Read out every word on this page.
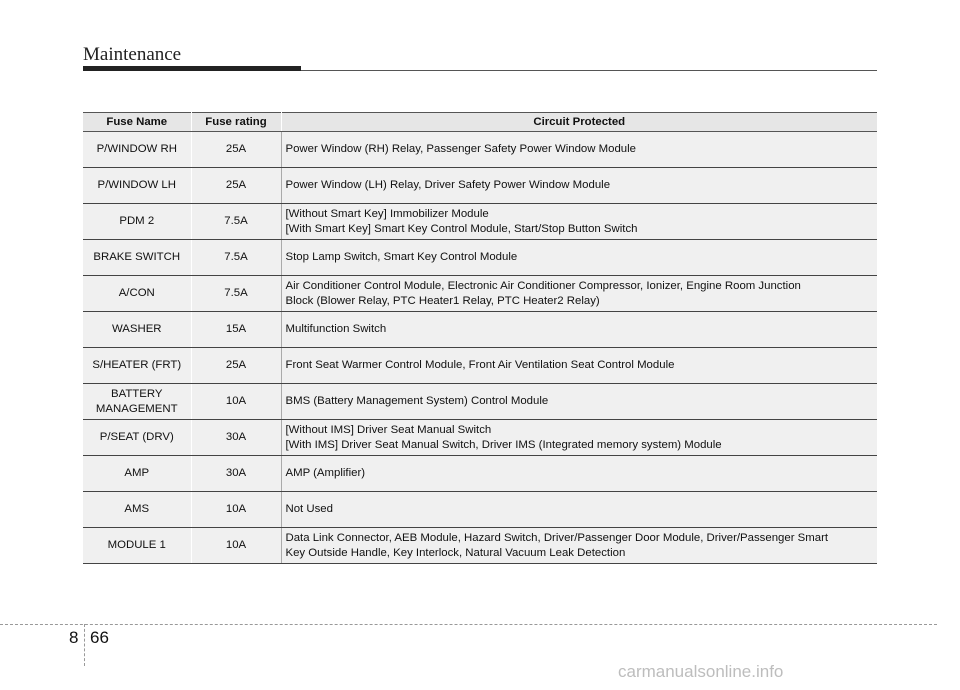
Maintenance
Fuse Name	Fuse rating	Circuit Protected

P/WINDOW RH	25A	Power Window (RH) Relay, Passenger Safety Power Window Module

P/WINDOW LH	25A	Power Window (LH) Relay, Driver Safety Power Window Module

PDM 2	7.5A	[Without Smart Key] Immobilizer Module
[With Smart Key] Smart Key Control Module, Start/Stop Button Switch

BRAKE SWITCH	7.5A	Stop Lamp Switch, Smart Key Control Module

A/CON	7.5A	Air Conditioner Control Module, Electronic Air Conditioner Compressor, Ionizer, Engine Room Junction
Block (Blower Relay, PTC Heater1 Relay, PTC Heater2 Relay)

WASHER	15A	Multifunction Switch

S/HEATER (FRT)	25A	Front Seat Warmer Control Module, Front Air Ventilation Seat Control Module

BATTERY
MANAGEMENT	10A	BMS (Battery Management System) Control Module

P/SEAT (DRV)	30A	[Without IMS] Driver Seat Manual Switch
[With IMS] Driver Seat Manual Switch, Driver IMS (Integrated memory system) Module

AMP	30A	AMP (Amplifier)

AMS	10A	Not Used

MODULE 1	10A	Data Link Connector, AEB Module, Hazard Switch, Driver/Passenger Door Module, Driver/Passenger Smart
Key Outside Handle, Key Interlock, Natural Vacuum Leak Detection
8 66
carmanualsonline.info
